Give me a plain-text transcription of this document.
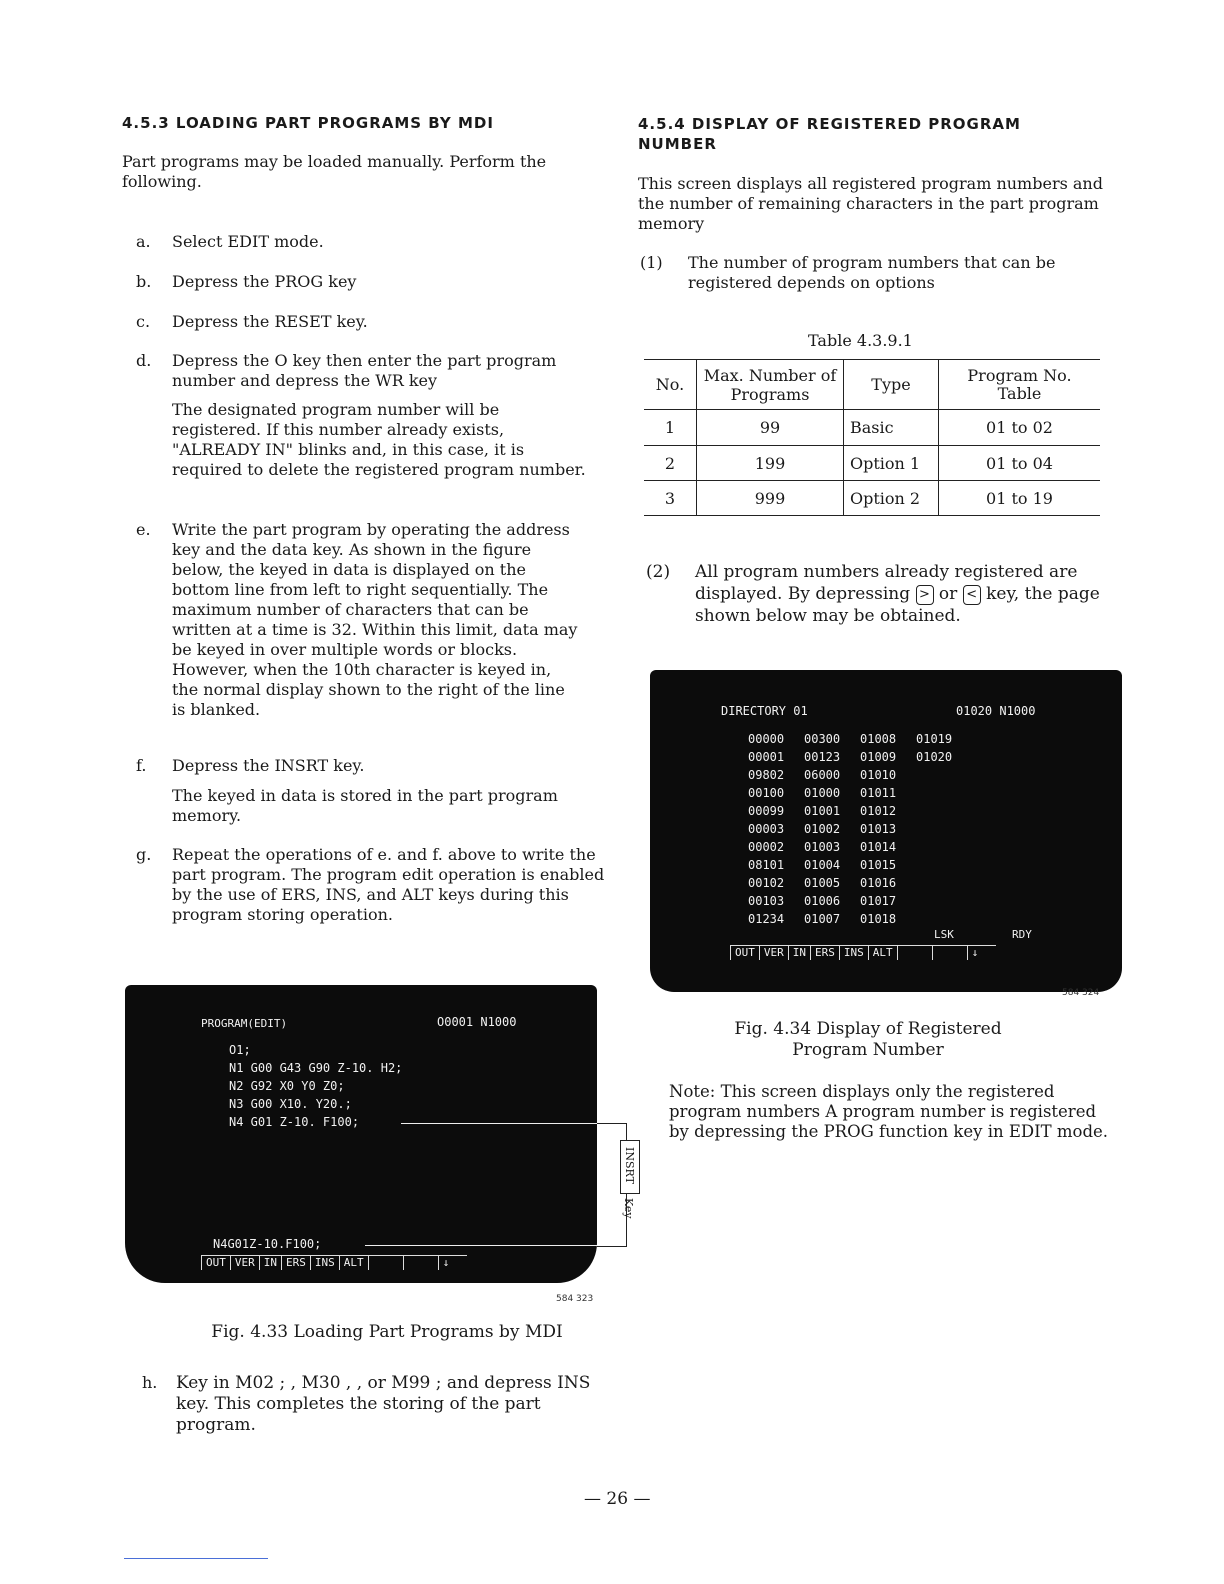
4.5.3 LOADING PART PROGRAMS BY MDI

Part programs may be loaded manually. Perform the following.

a.	Select EDIT mode.
b.	Depress the PROG key
c.	Depress the RESET key.
d.	Depress the O key then enter the part program number and depress the WR key
The designated program number will be registered. If this number already exists, "ALREADY IN" blinks and, in this case, it is required to delete the registered program number.
e.	Write the part program by operating the address key and the data key. As shown in the figure below, the keyed in data is displayed on the bottom line from left to right sequentially. The maximum number of characters that can be written at a time is 32. Within this limit, data may be keyed in over multiple words or blocks. However, when the 10th character is keyed in, the normal display shown to the right of the line is blanked.
f.	Depress the INSRT key.
The keyed in data is stored in the part program memory.
g.	Repeat the operations of e. and f. above to write the part program. The program edit operation is enabled by the use of ERS, INS, and ALT keys during this program storing operation.
PROGRAM(EDIT)	O0001 N1000
O1;
N1 G00 G43 G90 Z-10. H2;
N2 G92 X0 Y0 Z0;
N3 G00 X10. Y20.;
N4 G01 Z-10. F100;
N4G01Z-10.F100;
OUT VER IN ERS INS ALT	↓
INSRT
Key
584 323
Fig. 4.33 Loading Part Programs by MDI
h.	Key in M02 ; , M30 , , or M99 ; and depress INS key. This completes the storing of the part program.
4.5.4 DISPLAY OF REGISTERED PROGRAM NUMBER

This screen displays all registered program numbers and the number of remaining characters in the part program memory

(1) The number of program numbers that can be registered depends on options
Table 4.3.9.1
No.	Max. Number of Programs	Type	Program No. Table
1	99	Basic	01 to 02
2	199	Option 1	01 to 04
3	999	Option 2	01 to 19
(2) All program numbers already registered are displayed. By depressing > or < key, the page shown below may be obtained.
DIRECTORY 01	01020 N1000
00000 00300 01008 01019
00001 00123 01009 01020
09802 06000 01010
00100 01000 01011
00099 01001 01012
00003 01002 01013
00002 01003 01014
08101 01004 01015
00102 01005 01016
00103 01006 01017
01234 01007 01018
LSK	RDY
OUT VER IN ERS INS ALT	↓
584 324
Fig. 4.34 Display of Registered
Program Number

Note: This screen displays only the registered program numbers A program number is registered by depressing the PROG function key in EDIT mode.

— 26 —
